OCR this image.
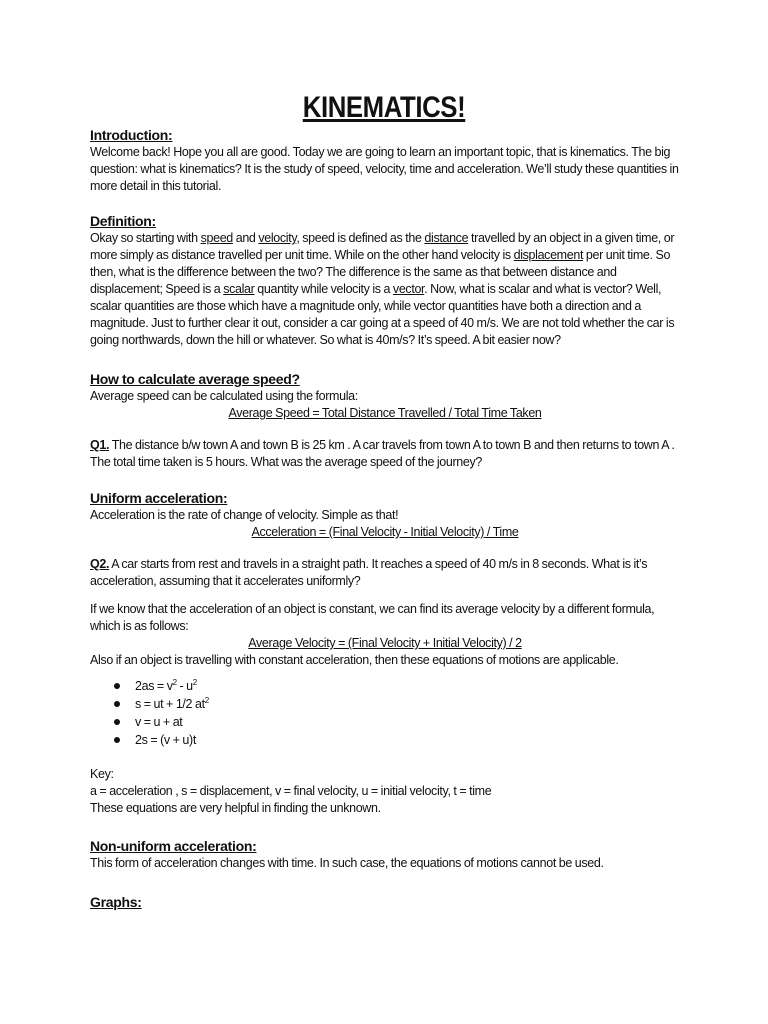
KINEMATICS!

Introduction:

Welcome back! Hope you all are good. Today we are going to learn an important topic, that is kinematics. The big question: what is kinematics? It is the study of speed, velocity, time and acceleration. We’ll study these quantities in more detail in this tutorial.

Definition:

Okay so starting with speed and velocity, speed is defined as the distance travelled by an object in a given time, or more simply as distance travelled per unit time. While on the other hand velocity is displacement per unit time. So then, what is the difference between the two? The difference is the same as that between distance and displacement; Speed is a scalar quantity while velocity is a vector. Now, what is scalar and what is vector? Well, scalar quantities are those which have a magnitude only, while vector quantities have both a direction and a magnitude. Just to further clear it out, consider a car going at a speed of 40 m/s. We are not told whether the car is going northwards, down the hill or whatever. So what is 40m/s? It’s speed. A bit easier now?

How to calculate average speed?

Average speed can be calculated using the formula:

Average Speed = Total Distance Travelled / Total Time Taken

Q1. The distance b/w town A and town B is 25 km . A car travels from town A to town B and then returns to town A . The total time taken is 5 hours. What was the average speed of the journey?

Uniform acceleration:

Acceleration is the rate of change of velocity. Simple as that!

Acceleration = (Final Velocity - Initial Velocity) / Time

Q2. A car starts from rest and travels in a straight path. It reaches a speed of 40 m/s in 8 seconds. What is it’s acceleration, assuming that it accelerates uniformly?

If we know that the acceleration of an object is constant, we can find its average velocity by a different formula, which is as follows:

Average Velocity = (Final Velocity + Initial Velocity) / 2

Also if an object is travelling with constant acceleration, then these equations of motions are applicable.

$2as = v^2 - u^2$
s = ut + 1/2 $at^2$
v = u + at
2s = (v + u)t

Key:

a = acceleration , s = displacement, v = final velocity, u = initial velocity, t = time

These equations are very helpful in finding the unknown.

Non-uniform acceleration:

This form of acceleration changes with time. In such case, the equations of motions cannot be used.

Graphs:
